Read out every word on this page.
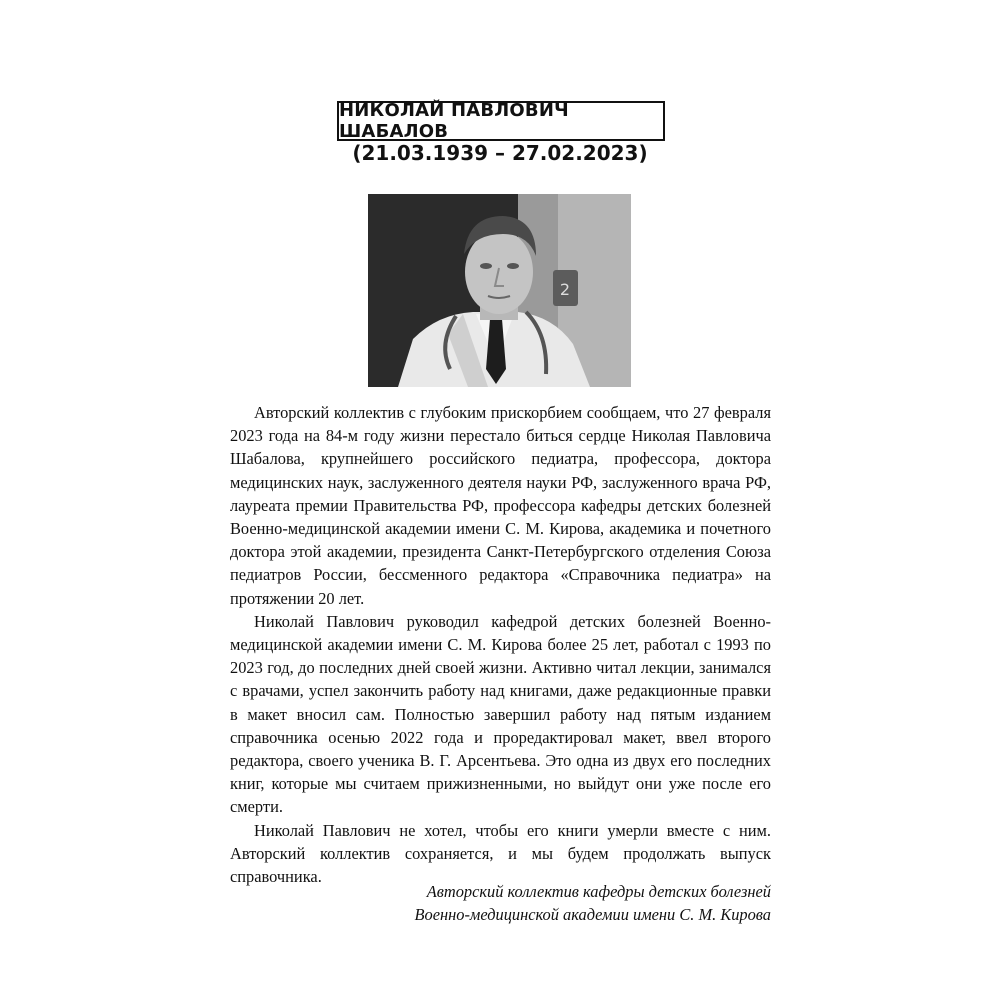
НИКОЛАЙ ПАВЛОВИЧ ШАБАЛОВ
(21.03.1939 – 27.02.2023)
2

Авторский коллектив с глубоким прискорбием сообщаем, что 27 февраля 2023 года на 84-м году жизни перестало биться сердце Николая Павловича Шабалова, крупнейшего российского педиатра, профессора, доктора медицинских наук, заслуженного деятеля науки РФ, заслуженного врача РФ, лауреата премии Правительства РФ, профессора кафедры детских болезней Военно-медицинской академии имени С. М. Кирова, академика и почетного доктора этой академии, президента Санкт-Петербургского отделения Союза педиатров России, бессменного редактора «Справочника педиатра» на протяжении 20 лет.

Николай Павлович руководил кафедрой детских болезней Военно-медицинской академии имени С. М. Кирова более 25 лет, работал с 1993 по 2023 год, до последних дней своей жизни. Активно читал лекции, занимался с врачами, успел закончить работу над книгами, даже редакционные правки в макет вносил сам. Полностью завершил работу над пятым изданием справочника осенью 2022 года и проредактировал макет, ввел второго редактора, своего ученика В. Г. Арсентьева. Это одна из двух его последних книг, которые мы считаем прижизненными, но выйдут они уже после его смерти.

Николай Павлович не хотел, чтобы его книги умерли вместе с ним. Авторский коллектив сохраняется, и мы будем продолжать выпуск справочника.

Авторский коллектив кафедры детских болезней
Военно-медицинской академии имени С. М. Кирова
